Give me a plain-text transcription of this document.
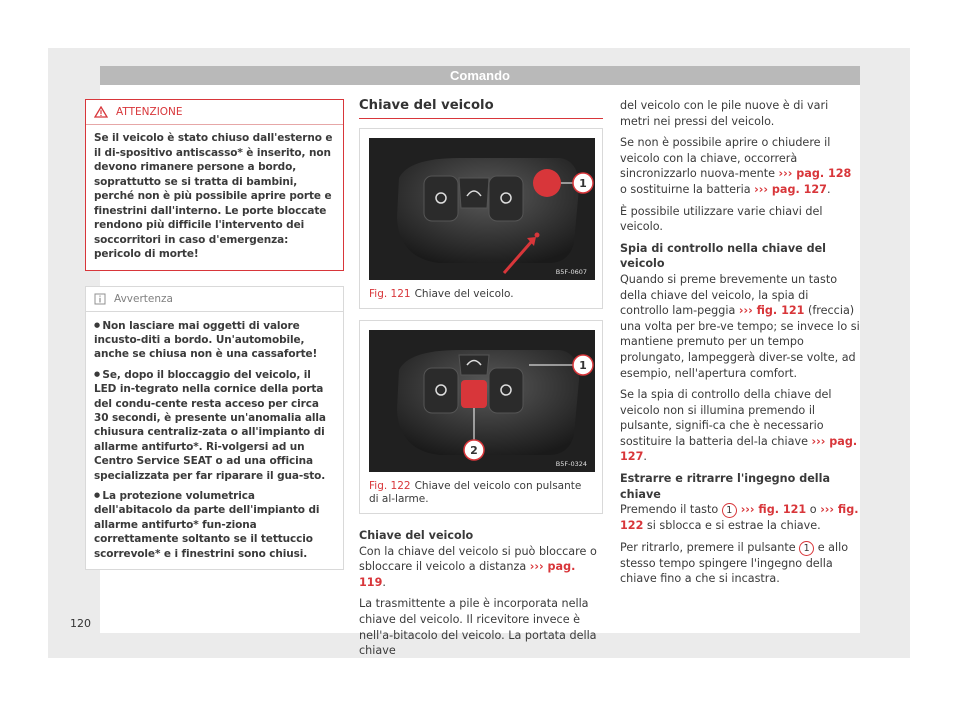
Comando
ATTENZIONE
Se il veicolo è stato chiuso dall'esterno e il di-spositivo antiscasso* è inserito, non devono rimanere persone a bordo, soprattutto se si tratta di bambini, perché non è più possibile aprire porte e finestrini dall'interno. Le porte bloccate rendono più difficile l'intervento dei soccorritori in caso d'emergenza: pericolo di morte!
Avvertenza
● Non lasciare mai oggetti di valore incusto-diti a bordo. Un'automobile, anche se chiusa non è una cassaforte!
● Se, dopo il bloccaggio del veicolo, il LED in-tegrato nella cornice della porta del condu-cente resta acceso per circa 30 secondi, è presente un'anomalia alla chiusura centraliz-zata o all'impianto di allarme antifurto*. Ri-volgersi ad un Centro Service SEAT o ad una officina specializzata per far riparare il gua-sto.
● La protezione volumetrica dell'abitacolo da parte dell'impianto di allarme antifurto* fun-ziona correttamente soltanto se il tettuccio scorrevole* e i finestrini sono chiusi.
Chiave del veicolo
1
B5F-0607
Fig. 121 Chiave del veicolo.
1
2
B5F-0324
Fig. 122 Chiave del veicolo con pulsante di al-larme.
Chiave del veicolo

Con la chiave del veicolo si può bloccare o sbloccare il veicolo a distanza ››› pag. 119.

La trasmittente a pile è incorporata nella chiave del veicolo. Il ricevitore invece è nell'a-bitacolo del veicolo. La portata della chiave

del veicolo con le pile nuove è di vari metri nei pressi del veicolo.

Se non è possibile aprire o chiudere il veicolo con la chiave, occorrerà sincronizzarlo nuova-mente ››› pag. 128 o sostituirne la batteria ››› pag. 127.

È possibile utilizzare varie chiavi del veicolo.

Spia di controllo nella chiave del veicolo

Quando si preme brevemente un tasto della chiave del veicolo, la spia di controllo lam-peggia ››› fig. 121 (freccia) una volta per bre-ve tempo; se invece lo si mantiene premuto per un tempo prolungato, lampeggerà diver-se volte, ad esempio, nell'apertura comfort.

Se la spia di controllo della chiave del veicolo non si illumina premendo il pulsante, signifi-ca che è necessario sostituire la batteria del-la chiave ››› pag. 127.

Estrarre e ritrarre l'ingegno della chiave

Premendo il tasto 1 ››› fig. 121 o ››› fig. 122 si sblocca e si estrae la chiave.

Per ritrarlo, premere il pulsante 1 e allo stesso tempo spingere l'ingegno della chiave fino a che si incastra.

120
